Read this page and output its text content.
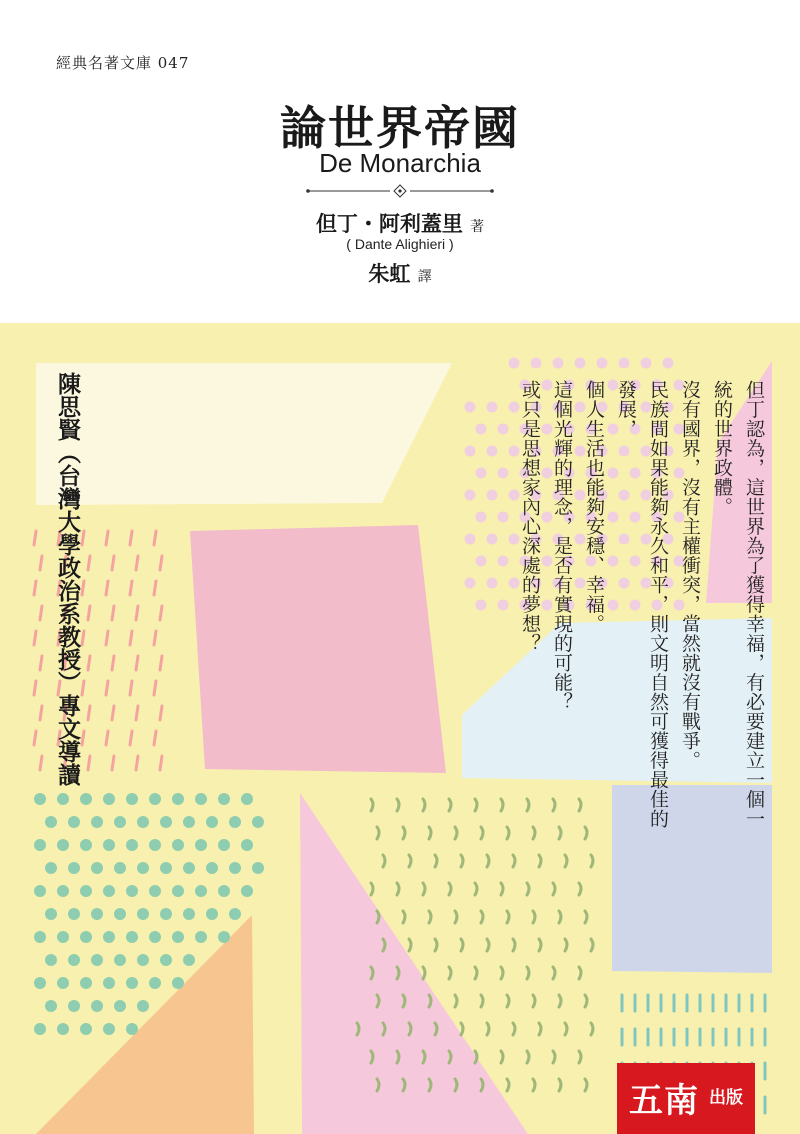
經典名著文庫 047
論世界帝國
De Monarchia
但丁・阿利蓋里 著
( Dante Alighieri )
朱虹 譯
陳思賢（台灣大學政治系教授）專文導讀	但丁認為，這世界為了獲得幸福，有必要建立一個一統的世界政體。
沒有國界，沒有主權衝突，當然就沒有戰爭。
民族間如果能夠永久和平，則文明自然可獲得最佳的發展，
個人生活也能夠安穩、幸福。
這個光輝的理念，是否有實現的可能？
或只是思想家內心深處的夢想？
五南 出版
